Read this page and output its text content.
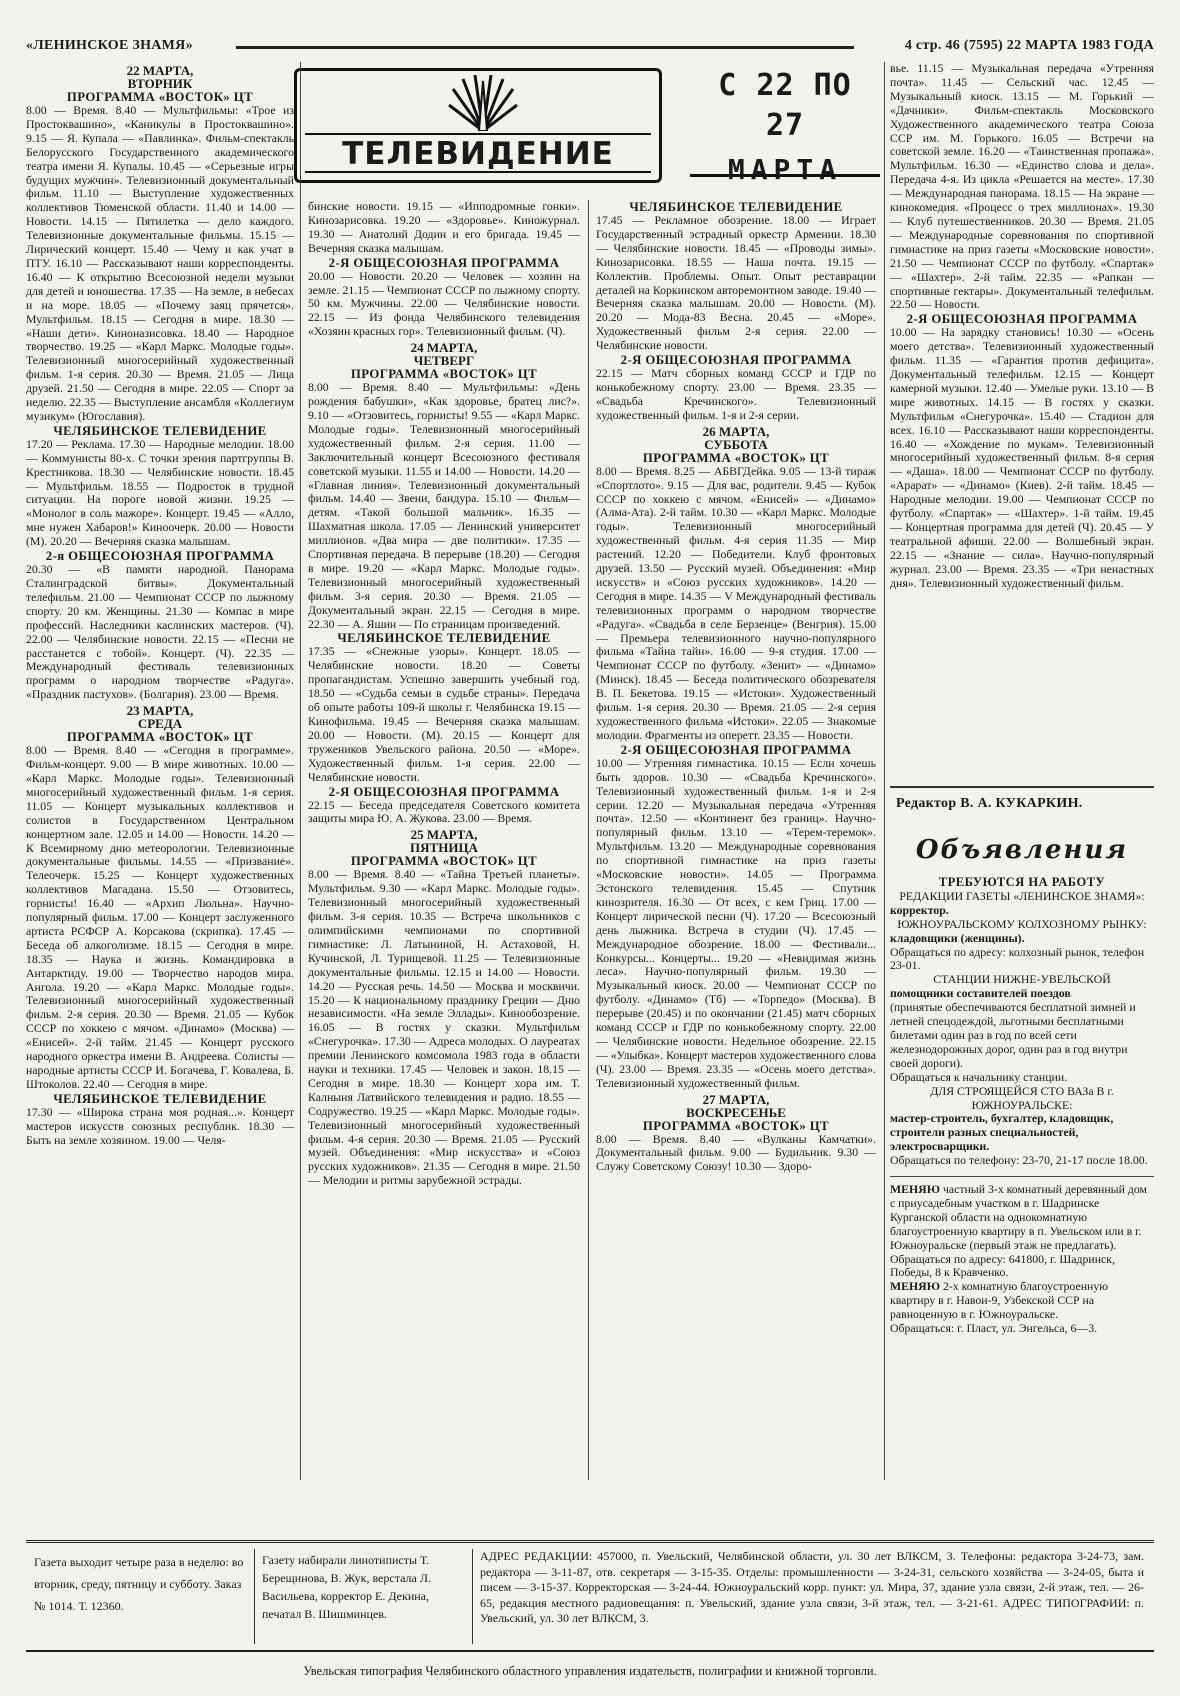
«ЛЕНИНСКОЕ ЗНАМЯ»	4 стр. 46 (7595) 22 МАРТА 1983 ГОДА
ТЕЛЕВИДЕНИЕ
С 22 ПО 27
МАРТА
22 МАРТА,
ВТОРНИК
ПРОГРАММА «ВОСТОК» ЦТ

8.00 — Время. 8.40 — Мультфильмы: «Трое из Простоквашино», «Каникулы в Простоквашино». 9.15 — Я. Купала — «Павлинка». Фильм-спектакль Белорусского Государственного академического театра имени Я. Купалы. 10.45 — «Серьезные игры будущих мужчин». Телевизионный документальный фильм. 11.10 — Выступление художественных коллективов Тюменской области. 11.40 и 14.00 — Новости. 14.15 — Пятилетка — дело каждого. Телевизионные документальные фильмы. 15.15 — Лирический концерт. 15.40 — Чему и как учат в ПТУ. 16.10 — Рассказывают наши корреспонденты. 16.40 — К открытию Всесоюзной недели музыки для детей и юношества. 17.35 — На земле, в небесах и на море. 18.05 — «Почему заяц прячется». Мультфильм. 18.15 — Сегодня в мире. 18.30 — «Наши дети». Киноназисовка. 18.40 — Народное творчество. 19.25 — «Карл Маркс. Молодые годы». Телевизионный многосерийный художественный фильм. 1-я серия. 20.30 — Время. 21.05 — Лица друзей. 21.50 — Сегодня в мире. 22.05 — Спорт за неделю. 22.35 — Выступление ансамбля «Коллегиум музикум» (Югославия).

ЧЕЛЯБИНСКОЕ ТЕЛЕВИДЕНИЕ

17.20 — Реклама. 17.30 — Народные мелодии. 18.00 — Коммунисты 80-х. С точки зрения партгруппы В. Крестникова. 18.30 — Челябинские новости. 18.45 — Мультфильм. 18.55 — Подросток в трудной ситуации. На пороге новой жизни. 19.25 — «Монолог в соль мажоре». Концерт. 19.45 — «Алло, мне нужен Хабаров!» Киноочерк. 20.00 — Новости (М). 20.20 — Вечерняя сказка малышам.

2-я ОБЩЕСОЮЗНАЯ ПРОГРАММА

20.30 — «В памяти народной. Панорама Сталинградской битвы». Документальный телефильм. 21.00 — Чемпионат СССР по лыжному спорту. 20 км. Женщины. 21.30 — Компас в мире профессий. Наследники каслинских мастеров. (Ч). 22.00 — Челябинские новости. 22.15 — «Песни не расстанется с тобой». Концерт. (Ч). 22.35 — Международный фестиваль телевизионных программ о народном творчестве «Радуга». «Праздник пастухов». (Болгария). 23.00 — Время.

23 МАРТА,
СРЕДА
ПРОГРАММА «ВОСТОК» ЦТ

8.00 — Время. 8.40 — «Сегодня в программе». Фильм-концерт. 9.00 — В мире животных. 10.00 — «Карл Маркс. Молодые годы». Телевизионный многосерийный художественный фильм. 1-я серия. 11.05 — Концерт музыкальных коллективов и солистов в Государственном Центральном концертном зале. 12.05 и 14.00 — Новости. 14.20 — К Всемирному дню метеорологии. Телевизионные документальные фильмы. 14.55 — «Призвание». Телеочерк. 15.25 — Концерт художественных коллективов Магадана. 15.50 — Отзовитесь, горнисты! 16.40 — «Архип Люльна». Научно-популярный фильм. 17.00 — Концерт заслуженного артиста РСФСР А. Корсакова (скрипка). 17.45 — Беседа об алкоголизме. 18.15 — Сегодня в мире. 18.35 — Наука и жизнь. Командировка в Антарктиду. 19.00 — Творчество народов мира. Ангола. 19.20 — «Карл Маркс. Молодые годы». Телевизионный многосерийный художественный фильм. 2-я серия. 20.30 — Время. 21.05 — Кубок СССР по хоккею с мячом. «Динамо» (Москва) — «Енисей». 2-й тайм. 21.45 — Концерт русского народного оркестра имени В. Андреева. Солисты — народные артисты СССР И. Богачева, Г. Ковалева, Б. Штоколов. 22.40 — Сегодня в мире.

ЧЕЛЯБИНСКОЕ ТЕЛЕВИДЕНИЕ

17.30 — «Широка страна моя родная...». Концерт мастеров искусств союзных республик. 18.30 — Быть на земле хозяином. 19.00 — Челя-

бинские новости. 19.15 — «Ипподромные гонки». Кинозарисовка. 19.20 — «Здоровье». Киножурнал. 19.30 — Анатолий Додин и его бригада. 19.45 — Вечерняя сказка малышам.

2-Я ОБЩЕСОЮЗНАЯ ПРОГРАММА

20.00 — Новости. 20.20 — Человек — хозяин на земле. 21.15 — Чемпионат СССР по лыжному спорту. 50 км. Мужчины. 22.00 — Челябинские новости. 22.15 — Из фонда Челябинского телевидения «Хозяин красных гор». Телевизионный фильм. (Ч).

24 МАРТА,
ЧЕТВЕРГ
ПРОГРАММА «ВОСТОК» ЦТ

8.00 — Время. 8.40 — Мультфильмы: «День рождения бабушки», «Как здоровье, братец лис?». 9.10 — «Отзовитесь, горнисты! 9.55 — «Карл Маркс. Молодые годы». Телевизионный многосерийный художественный фильм. 2-я серия. 11.00 — Заключительный концерт Всесоюзного фестиваля советской музыки. 11.55 и 14.00 — Новости. 14.20 — «Главная линия». Телевизионный документальный фильм. 14.40 — Звени, бандура. 15.10 — Фильм—детям. «Такой большой мальчик». 16.35 — Шахматная школа. 17.05 — Ленинский университет миллионов. «Два мира — две политики». 17.35 — Спортивная передача. В перерыве (18.20) — Сегодня в мире. 19.20 — «Карл Маркс. Молодые годы». Телевизионный многосерийный художественный фильм. 3-я серия. 20.30 — Время. 21.05 — Документальный экран. 22.15 — Сегодня в мире. 22.30 — А. Яшин — По страницам произведений.

ЧЕЛЯБИНСКОЕ ТЕЛЕВИДЕНИЕ

17.35 — «Снежные узоры». Концерт. 18.05 — Челябинские новости. 18.20 — Советы пропагандистам. Успешно завершить учебный год. 18.50 — «Судьба семьи в судьбе страны». Передача об опыте работы 109-й школы г. Челябинска 19.15 — Кинофильма. 19.45 — Вечерняя сказка малышам. 20.00 — Новости. (М). 20.15 — Концерт для тружеников Увельского района. 20.50 — «Море». Художественный фильм. 1-я серия. 22.00 — Челябинские новости.

2-Я ОБЩЕСОЮЗНАЯ ПРОГРАММА

22.15 — Беседа председателя Советского комитета защиты мира Ю. А. Жукова. 23.00 — Время.

25 МАРТА,
ПЯТНИЦА
ПРОГРАММА «ВОСТОК» ЦТ

8.00 — Время. 8.40 — «Тайна Третьей планеты». Мультфильм. 9.30 — «Карл Маркс. Молодые годы». Телевизионный многосерийный художественный фильм. 3-я серия. 10.35 — Встреча школьников с олимпийскими чемпионами по спортивной гимнастике: Л. Латыниной, Н. Астаховой, Н. Кучинской, Л. Турищевой. 11.25 — Телевизионные документальные фильмы. 12.15 и 14.00 — Новости. 14.20 — Русская речь. 14.50 — Москва и москвичи. 15.20 — К национальному празднику Греции — Дню независимости. «На земле Эллады». Кинообозрение. 16.05 — В гостях у сказки. Мультфильм «Снегурочка». 17.30 — Адреса молодых. О лауреатах премии Ленинского комсомола 1983 года в области науки и техники. 17.45 — Человек и закон. 18.15 — Сегодня в мире. 18.30 — Концерт хора им. Т. Калныня Латвийского телевидения и радио. 18.55 — Содружество. 19.25 — «Карл Маркс. Молодые годы». Телевизионный многосерийный художественный фильм. 4-я серия. 20.30 — Время. 21.05 — Русский музей. Объединения: «Мир искусства» и «Союз русских художников». 21.35 — Сегодня в мире. 21.50 — Мелодии и ритмы зарубежной эстрады.

ЧЕЛЯБИНСКОЕ ТЕЛЕВИДЕНИЕ

17.45 — Рекламное обозрение. 18.00 — Играет Государственный эстрадный оркестр Армении. 18.30 — Челябинские новости. 18.45 — «Проводы зимы». Кинозарисовка. 18.55 — Наша почта. 19.15 — Коллектив. Проблемы. Опыт. Опыт реставрации деталей на Коркинском авторемонтном заводе. 19.40 — Вечерняя сказка малышам. 20.00 — Новости. (М). 20.20 — Мода-83 Весна. 20.45 — «Море». Художественный фильм 2-я серия. 22.00 — Челябинские новости.

2-Я ОБЩЕСОЮЗНАЯ ПРОГРАММА

22.15 — Матч сборных команд СССР и ГДР по конькобежному спорту. 23.00 — Время. 23.35 — «Свадьба Кречинского». Телевизионный художественный фильм. 1-я и 2-я серии.

26 МАРТА,
СУББОТА
ПРОГРАММА «ВОСТОК» ЦТ

8.00 — Время. 8.25 — АБВГДейка. 9.05 — 13-й тираж «Спортлото». 9.15 — Для вас, родители. 9.45 — Кубок СССР по хоккею с мячом. «Енисей» — «Динамо» (Алма-Ата). 2-й тайм. 10.30 — «Карл Маркс. Молодые годы». Телевизионный многосерийный художественный фильм. 4-я серия 11.35 — Мир растений. 12.20 — Победители. Клуб фронтовых друзей. 13.50 — Русский музей. Объединения: «Мир искусств» и «Союз русских художников». 14.20 — Сегодня в мире. 14.35 — V Международный фестиваль телевизионных программ о народном творчестве «Радуга». «Свадьба в селе Берзенце» (Венгрия). 15.00 — Премьера телевизионного научно-популярного фильма «Тайна тайн». 16.00 — 9-я студия. 17.00 — Чемпионат СССР по футболу. «Зенит» — «Динамо» (Минск). 18.45 — Беседа политического обозревателя В. П. Бекетова. 19.15 — «Истоки». Художественный фильм. 1-я серия. 20.30 — Время. 21.05 — 2-я серия художественного фильма «Истоки». 22.05 — Знакомые молодии. Фрагменты из оперетт. 23.35 — Новости.

2-Я ОБЩЕСОЮЗНАЯ ПРОГРАММА

10.00 — Утренняя гимнастика. 10.15 — Если хочешь быть здоров. 10.30 — «Свадьба Кречинского». Телевизионный художественный фильм. 1-я и 2-я серии. 12.20 — Музыкальная передача «Утренняя почта». 12.50 — «Континент без границ». Научно-популярный фильм. 13.10 — «Терем-теремок». Мультфильм. 13.20 — Международные соревнования по спортивной гимнастике на приз газеты «Московские новости». 14.05 — Программа Эстонского телевидения. 15.45 — Спутник кинозрителя. 16.30 — От всех, с кем Гриц. 17.00 — Концерт лирической песни (Ч). 17.20 — Всесоюзный день лыжника. Встреча в студии (Ч). 17.45 — Международное обозрение. 18.00 — Фестивали... Конкурсы... Концерты... 19.20 — «Невидимая жизнь леса». Научно-популярный фильм. 19.30 — Музыкальный киоск. 20.00 — Чемпионат СССР по футболу. «Динамо» (Тб) — «Торпедо» (Москва). В перерыве (20.45) и по окончании (21.45) матч сборных команд СССР и ГДР по конькобежному спорту. 22.00 — Челябинские новости. Недельное обозрение. 22.15 — «Улыбка». Концерт мастеров художественного слова (Ч). 23.00 — Время. 23.35 — «Осень моего детства». Телевизионный художественный фильм.

27 МАРТА,
ВОСКРЕСЕНЬЕ
ПРОГРАММА «ВОСТОК» ЦТ

8.00 — Время. 8.40 — «Вулканы Камчатки». Документальный фильм. 9.00 — Будильник. 9.30 — Служу Советскому Союзу! 10.30 — Здоро-

вье. 11.15 — Музыкальная передача «Утренняя почта». 11.45 — Сельский час. 12.45 — Музыкальный киоск. 13.15 — М. Горький — «Дачники». Фильм-спектакль Московского Художественного академического театра Союза ССР им. М. Горького. 16.05 — Встречи на советской земле. 16.20 — «Таинственная пропажа». Мультфильм. 16.30 — «Единство слова и дела». Передача 4-я. Из цикла «Решается на месте». 17.30 — Международная панорама. 18.15 — На экране — кинокомедия. «Процесс о трех миллионах». 19.30 — Клуб путешественников. 20.30 — Время. 21.05 — Международные соревнования по спортивной гимнастике на приз газеты «Московские новости». 21.50 — Чемпионат СССР по футболу. «Спартак» — «Шахтер». 2-й тайм. 22.35 — «Рапкан — спортивные гектары». Документальный телефильм. 22.50 — Новости.

2-Я ОБЩЕСОЮЗНАЯ ПРОГРАММА

10.00 — На зарядку становись! 10.30 — «Осень моего детства». Телевизионный художественный фильм. 11.35 — «Гарантия против дефицита». Документальный телефильм. 12.15 — Концерт камерной музыки. 12.40 — Умелые руки. 13.10 — В мире животных. 14.15 — В гостях у сказки. Мультфильм «Снегурочка». 15.40 — Стадион для всех. 16.10 — Рассказывают наши корреспонденты. 16.40 — «Хождение по мукам». Телевизионный многосерийный художественный фильм. 8-я серия — «Даша». 18.00 — Чемпионат СССР по футболу. «Арарат» — «Динамо» (Киев). 2-й тайм. 18.45 — Народные мелодии. 19.00 — Чемпионат СССР по футболу. «Спартак» — «Шахтер». 1-й тайм. 19.45 — Концертная программа для детей (Ч). 20.45 — У театральной афиши. 22.00 — Волшебный экран. 22.15 — «Знание — сила». Научно-популярный журнал. 23.00 — Время. 23.35 — «Три ненастных дня». Телевизионный художественный фильм.

Редактор В. А. КУКАРКИН.
Объявления
ТРЕБУЮТСЯ НА РАБОТУ
РЕДАКЦИИ ГАЗЕТЫ «ЛЕНИНСКОЕ ЗНАМЯ»:
корректор.
ЮЖНОУРАЛЬСКОМУ КОЛХОЗНОМУ РЫНКУ:
кладовщики (женщины).
Обращаться по адресу: колхозный рынок, телефон 23-01.
СТАНЦИИ НИЖНЕ-УВЕЛЬСКОЙ
помощники составителей поездов
(принятые обеспечиваются бесплатной зимней и летней спецодеждой, льготными бесплатными билетами один раз в год по всей сети железнодорожных дорог, один раз в год внутри своей дороги).
Обращаться к начальнику станции.
ДЛЯ СТРОЯЩЕЙСЯ СТО ВАЗа В г. ЮЖНОУРАЛЬСКЕ:
мастер-строитель, бухгалтер, кладовщик, строители разных специальностей, электросварщики.
Обращаться по телефону: 23-70, 21-17 после 18.00.
МЕНЯЮ частный 3-х комнатный деревянный дом с приусадебным участком в г. Шадринске Курганской области на однокомнатную благоустроенную квартиру в п. Увельском или в г. Южноуральске (первый этаж не предлагать).
Обращаться по адресу: 641800, г. Шадринск, Победы, 8 к Кравченко.
МЕНЯЮ 2-х комнатную благоустроенную квартиру в г. Навои-9, Узбекской ССР на равноценную в г. Южноуральске.
Обращаться: г. Пласт, ул. Энгельса, 6—3.
Газета выходит четыре раза в неделю: во вторник, среду, пятницу и субботу. Заказ № 1014. Т. 12360.
Газету набирали линотиписты Т. Берещинова, В. Жук, верстала Л. Васильева, корректор Е. Декина, печатал В. Шишминцев.
АДРЕС РЕДАКЦИИ: 457000, п. Увельский, Челябинской области, ул. 30 лет ВЛКСМ, 3. Телефоны: редактора 3-24-73, зам. редактора — 3-11-87, отв. секретаря — 3-15-35. Отделы: промышленности — 3-24-31, сельского хозяйства — 3-24-05, быта и писем — 3-15-37. Корректорская — 3-24-44. Южноуральский корр. пункт: ул. Мира, 37, здание узла связи, 2-й этаж, тел. — 26-65, редакция местного радиовещания: п. Увельский, здание узла связи, 3-й этаж, тел. — 3-21-61. АДРЕС ТИПОГРАФИИ: п. Увельский, ул. 30 лет ВЛКСМ, 3.
Увельская типография Челябинского областного управления издательств, полиграфии и книжной торговли.
